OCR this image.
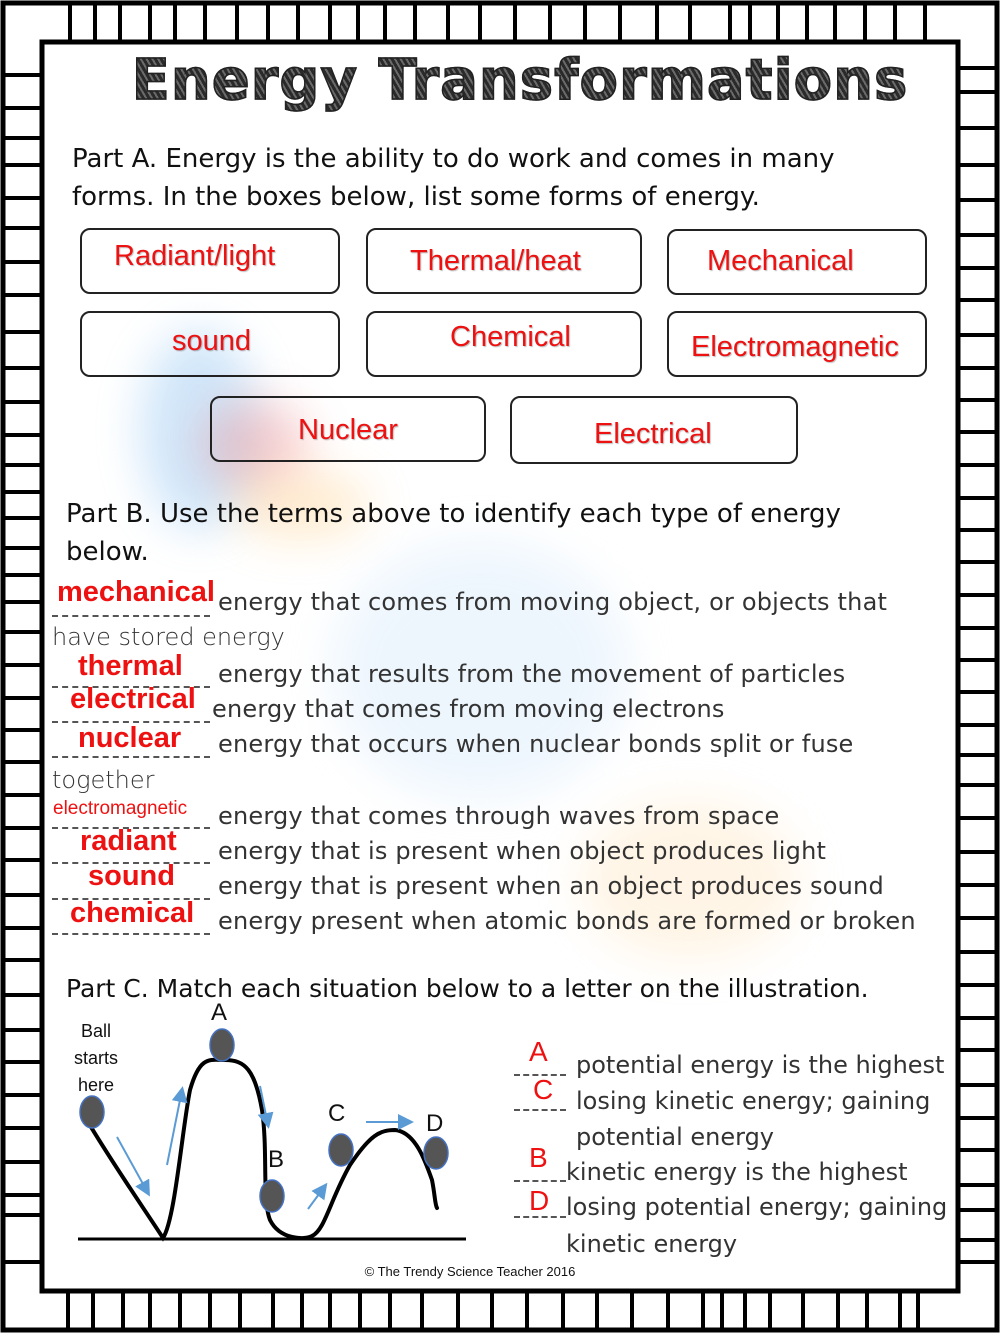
Energy Transformations
Part A. Energy is the ability to do work and comes in many
forms. In the boxes below, list some forms of energy.
Radiant/light	Thermal/heat	Mechanical
sound	Chemical	Electromagnetic
Nuclear	Electrical
Part B. Use the terms above to identify each type of energy
below.
mechanical energy that comes from moving object, or objects that
have stored energy
thermal energy that results from the movement of particles
electrical energy that comes from moving electrons
nuclear energy that occurs when nuclear bonds split or fuse
together
electromagnetic energy that comes through waves from space
radiant energy that is present when object produces light
sound energy that is present when an object produces sound
chemical energy present when atomic bonds are formed or broken
Part C. Match each situation below to a letter on the illustration.
Ball
starts
here
A
B
C	D
A potential energy is the highest
C losing kinetic energy; gaining
potential energy
B kinetic energy is the highest
D losing potential energy; gaining
kinetic energy
© The Trendy Science Teacher 2016
